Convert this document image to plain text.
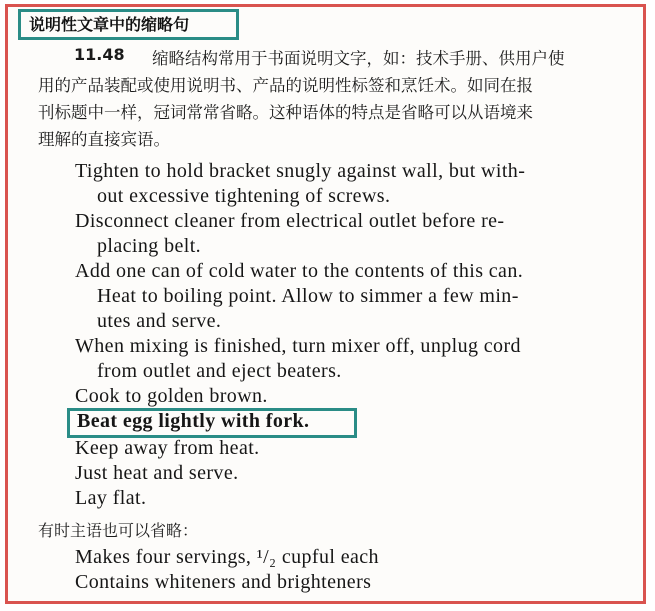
说明性文章中的缩略句
11.48 缩略结构常用于书面说明文字，如：技术手册、供用户使
用的产品装配或使用说明书、产品的说明性标签和烹饪术。如同在报
刊标题中一样，冠词常常省略。这种语体的特点是省略可以从语境来
理解的直接宾语。
Tighten to hold bracket snugly against wall, but with-
out excessive tightening of screws.
Disconnect cleaner from electrical outlet before re-
placing belt.
Add one can of cold water to the contents of this can.
Heat to boiling point. Allow to simmer a few min-
utes and serve.
When mixing is finished, turn mixer off, unplug cord
from outlet and eject beaters.
Cook to golden brown.
Beat egg lightly with fork.
Keep away from heat.
Just heat and serve.
Lay flat.
有时主语也可以省略：
Makes four servings, ¹/₂ cupful each
Contains whiteners and brighteners
